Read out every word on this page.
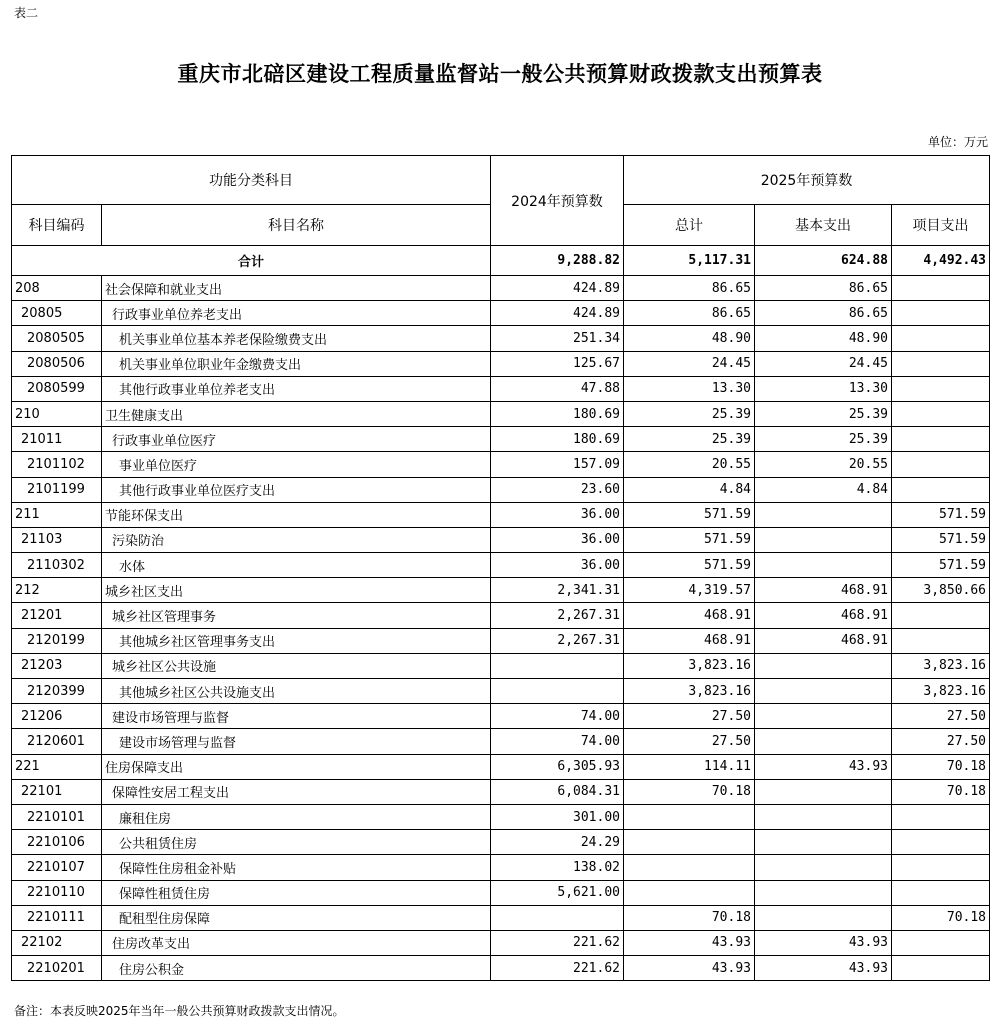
表二
重庆市北碚区建设工程质量监督站一般公共预算财政拨款支出预算表
单位：万元
功能分类科目		2024年预算数	2025年预算数		
科目编码	科目名称		总计	基本支出	项目支出
合计		9,288.82	5,117.31	624.88	4,492.43
208	社会保障和就业支出	424.89	86.65	86.65	
20805	行政事业单位养老支出	424.89	86.65	86.65	
2080505	机关事业单位基本养老保险缴费支出	251.34	48.90	48.90	
2080506	机关事业单位职业年金缴费支出	125.67	24.45	24.45	
2080599	其他行政事业单位养老支出	47.88	13.30	13.30	
210	卫生健康支出	180.69	25.39	25.39	
21011	行政事业单位医疗	180.69	25.39	25.39	
2101102	事业单位医疗	157.09	20.55	20.55	
2101199	其他行政事业单位医疗支出	23.60	4.84	4.84	
211	节能环保支出	36.00	571.59		571.59
21103	污染防治	36.00	571.59		571.59
2110302	水体	36.00	571.59		571.59
212	城乡社区支出	2,341.31	4,319.57	468.91	3,850.66
21201	城乡社区管理事务	2,267.31	468.91	468.91	
2120199	其他城乡社区管理事务支出	2,267.31	468.91	468.91	
21203	城乡社区公共设施		3,823.16		3,823.16
2120399	其他城乡社区公共设施支出		3,823.16		3,823.16
21206	建设市场管理与监督	74.00	27.50		27.50
2120601	建设市场管理与监督	74.00	27.50		27.50
221	住房保障支出	6,305.93	114.11	43.93	70.18
22101	保障性安居工程支出	6,084.31	70.18		70.18
2210101	廉租住房	301.00			
2210106	公共租赁住房	24.29			
2210107	保障性住房租金补贴	138.02			
2210110	保障性租赁住房	5,621.00			
2210111	配租型住房保障		70.18		70.18
22102	住房改革支出	221.62	43.93	43.93	
2210201	住房公积金	221.62	43.93	43.93	
备注：本表反映2025年当年一般公共预算财政拨款支出情况。
